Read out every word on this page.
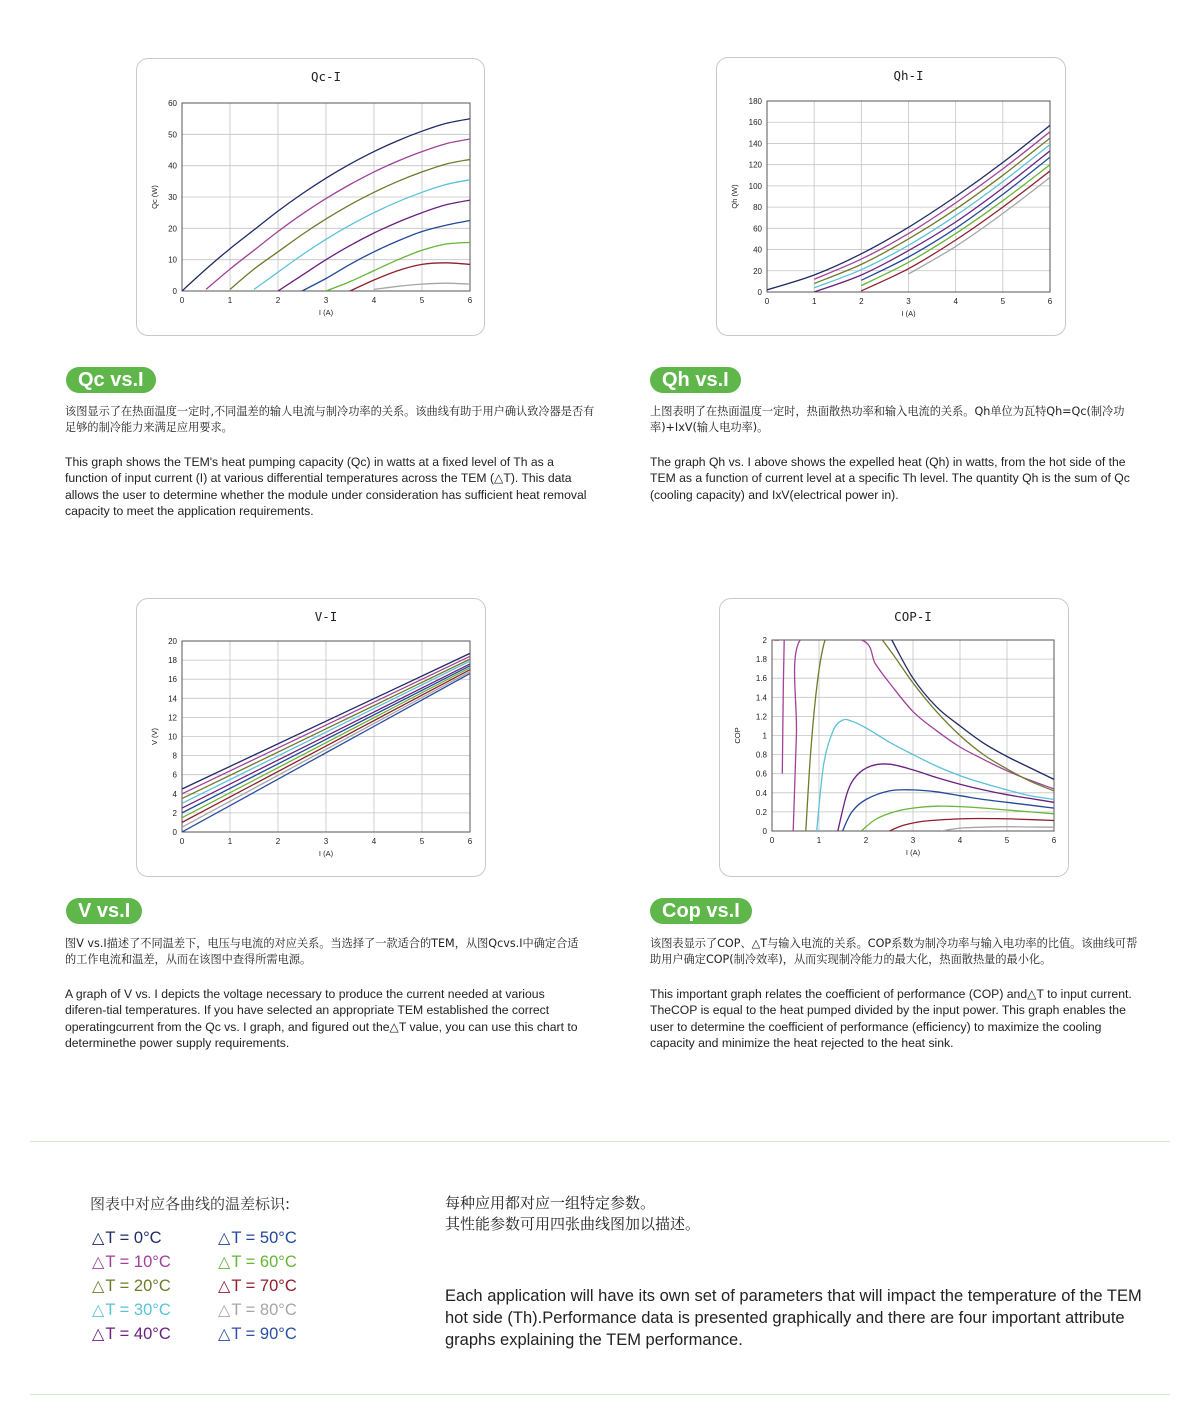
Qc-I
0	1	2	3	4	5	6
0
10
20
30
40
50
60
I (A)
Qc (W)
Qh-I
0	1	2	3	4	5	6
0
20
40
60
80
100
120
140
160
180
I (A)
Qh (W)
V-I
0	1	2	3	4	5	6
0
2
4
6
8
10
12
14
16
18
20
I (A)
V (V)
COP-I
0	1	2	3	4	5	6
0
0.2
0.4
0.6
0.8
1
1.2
1.4
1.6
1.8
2
I (A)
COP
Qc vs.I

该图显示了在热面温度一定时,不同温差的输人电流与制冷功率的关系。该曲线有助于用户确认致冷器是否有足够的制冷能力来满足应用要求。

This graph shows the TEM's heat pumping capacity (Qc) in watts at a fixed level of Th as a function of input current (I) at various differential temperatures across the TEM (△T). This data allows the user to determine whether the module under consideration has sufficient heat removal capacity to meet the application requirements.

Qh vs.I

上图表明了在热面温度一定时，热面散热功率和输入电流的关系。Qh单位为瓦特Qh=Qc(制冷功率)+IxV(输人电功率)。

The graph Qh vs. I above shows the expelled heat (Qh) in watts, from the hot side of the TEM as a function of current level at a specific Th level. The quantity Qh is the sum of Qc (cooling capacity) and IxV(electrical power in).

V vs.I

图V vs.I描述了不同温差下，电压与电流的对应关系。当选择了一款适合的TEM，从图Qcvs.I中确定合适的工作电流和温差，从而在该图中查得所需电源。

A graph of V vs. I depicts the voltage necessary to produce the current needed at various diferen-tial temperatures. If you have selected an appropriate TEM established the correct operatingcurrent from the Qc vs. I graph, and figured out the△T value, you can use this chart to determinethe power supply requirements.

Cop vs.I

该图表显示了COP、△T与输入电流的关系。COP系数为制冷功率与输入电功率的比值。该曲线可帮助用户确定COP(制冷效率)，从而实现制冷能力的最大化，热面散热量的最小化。

This important graph relates the coefficient of performance (COP) and△T to input current. TheCOP is equal to the heat pumped divided by the input power. This graph enables the user to determine the coefficient of performance (efficiency) to maximize the cooling capacity and minimize the heat rejected to the heat sink.

图表中对应各曲线的温差标识:
△T = 0°C
△T = 10°C
△T = 20°C
△T = 30°C
△T = 40°C
△T = 50°C
△T = 60°C
△T = 70°C
△T = 80°C
△T = 90°C
每种应用都对应一组特定参数。
其性能参数可用四张曲线图加以描述。
Each application will have its own set of parameters that will impact the temperature of the TEM hot side (Th).Performance data is presented graphically and there are four important attribute graphs explaining the TEM performance.
